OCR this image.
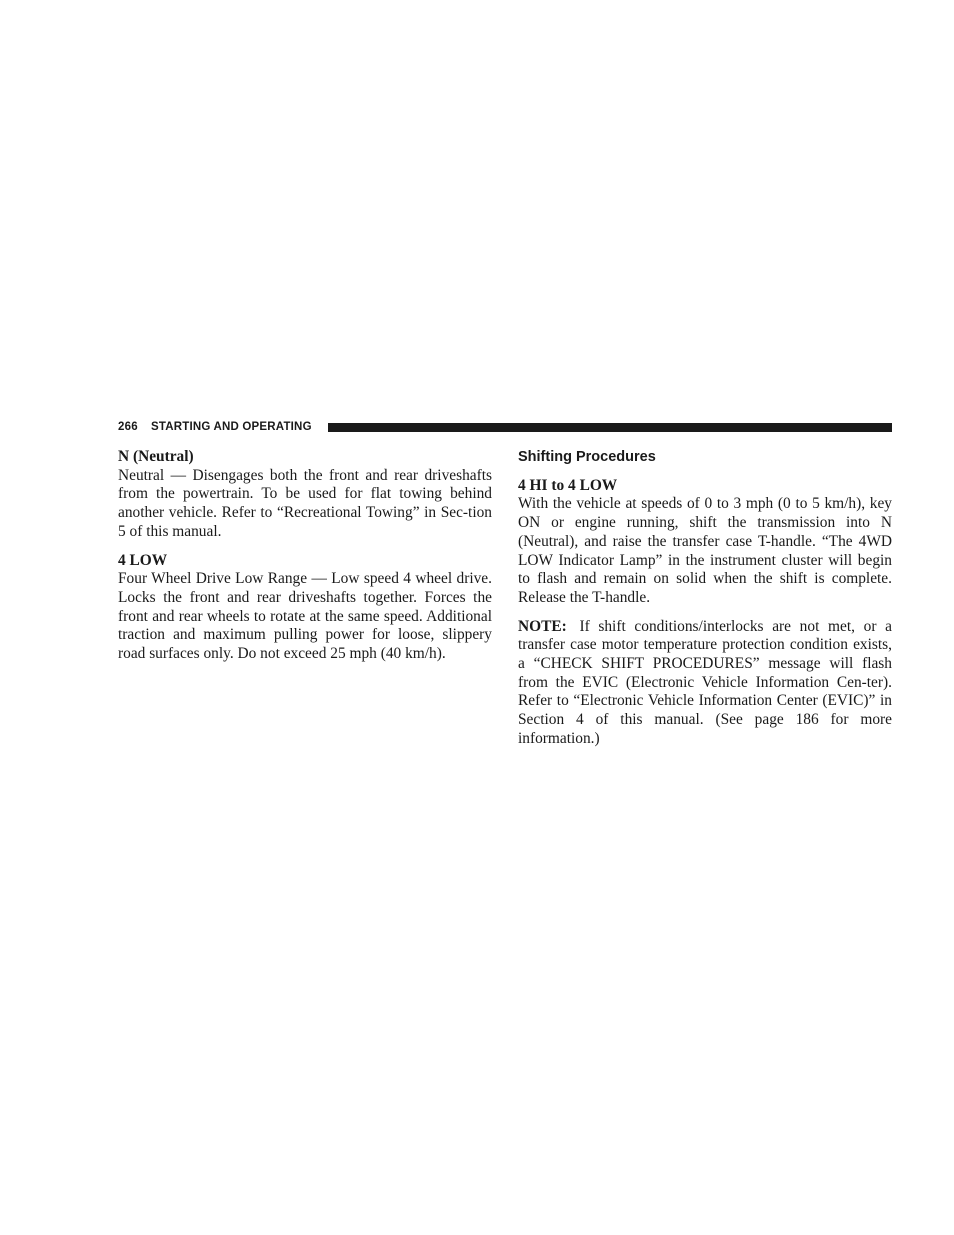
266 STARTING AND OPERATING

N (Neutral)

Neutral — Disengages both the front and rear driveshafts from the powertrain. To be used for flat towing behind another vehicle. Refer to “Recreational Towing” in Sec-tion 5 of this manual.

4 LOW

Four Wheel Drive Low Range — Low speed 4 wheel drive. Locks the front and rear driveshafts together. Forces the front and rear wheels to rotate at the same speed. Additional traction and maximum pulling power for loose, slippery road surfaces only. Do not exceed 25 mph (40 km/h).

Shifting Procedures

4 HI to 4 LOW

With the vehicle at speeds of 0 to 3 mph (0 to 5 km/h), key ON or engine running, shift the transmission into N (Neutral), and raise the transfer case T-handle. “The 4WD LOW Indicator Lamp” in the instrument cluster will begin to flash and remain on solid when the shift is complete. Release the T-handle.

NOTE: If shift conditions/interlocks are not met, or a transfer case motor temperature protection condition exists, a “CHECK SHIFT PROCEDURES” message will flash from the EVIC (Electronic Vehicle Information Cen-ter). Refer to “Electronic Vehicle Information Center (EVIC)” in Section 4 of this manual. (See page 186 for more information.)
